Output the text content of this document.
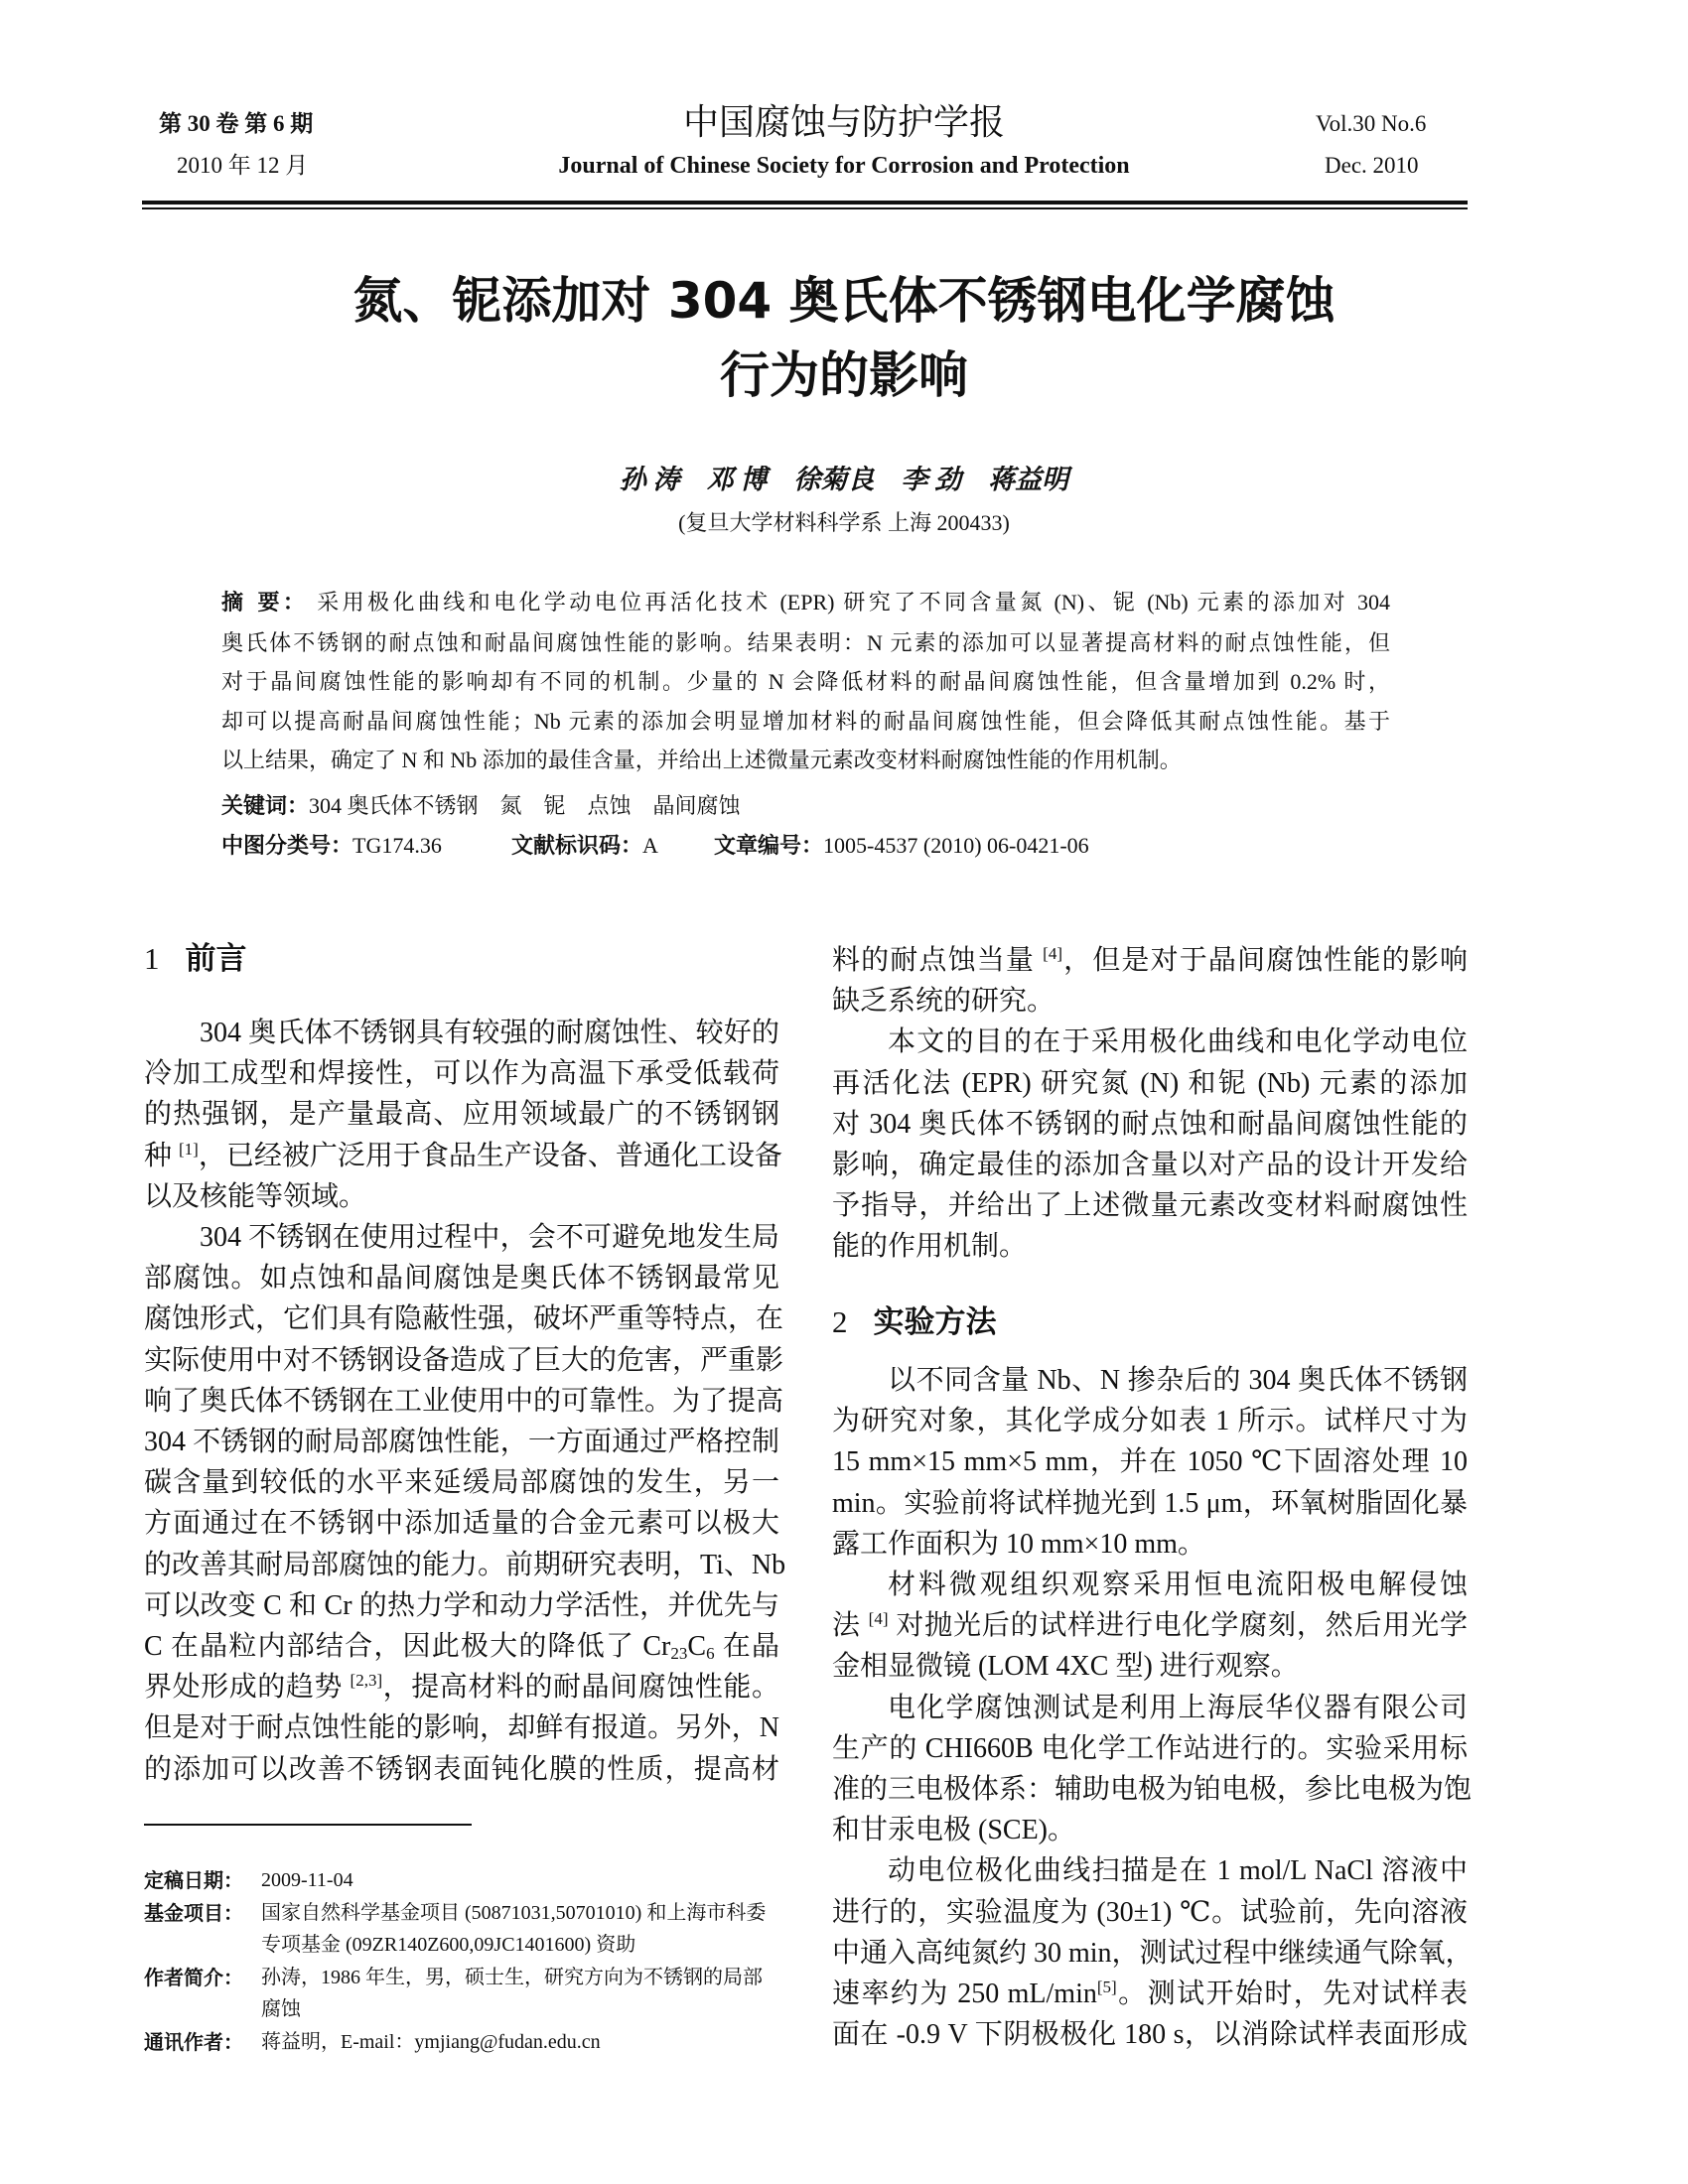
第 30 卷 第 6 期
2010 年 12 月
中国腐蚀与防护学报
Journal of Chinese Society for Corrosion and Protection
Vol.30 No.6
Dec. 2010
氮、铌添加对 304 奥氏体不锈钢电化学腐蚀
行为的影响
孙 涛    邓 博    徐菊良    李 劲    蒋益明
(复旦大学材料科学系 上海 200433)
摘 要： 采用极化曲线和电化学动电位再活化技术 (EPR) 研究了不同含量氮 (N)、铌 (Nb) 元素的添加对 304
奥氏体不锈钢的耐点蚀和耐晶间腐蚀性能的影响。结果表明：N 元素的添加可以显著提高材料的耐点蚀性能，但
对于晶间腐蚀性能的影响却有不同的机制。少量的 N 会降低材料的耐晶间腐蚀性能，但含量增加到 0.2% 时，
却可以提高耐晶间腐蚀性能；Nb 元素的添加会明显增加材料的耐晶间腐蚀性能，但会降低其耐点蚀性能。基于
以上结果，确定了 N 和 Nb 添加的最佳含量，并给出上述微量元素改变材料耐腐蚀性能的作用机制。
关键词：304 奥氏体不锈钢    氮    铌    点蚀    晶间腐蚀
中图分类号：TG174.36	文献标识码：A	文章编号：1005-4537 (2010) 06-0421-06
1 前言
304 奥氏体不锈钢具有较强的耐腐蚀性、较好的
冷加工成型和焊接性，可以作为高温下承受低载荷
的热强钢，是产量最高、应用领域最广的不锈钢钢
种 [1]，已经被广泛用于食品生产设备、普通化工设备
以及核能等领域。
304 不锈钢在使用过程中，会不可避免地发生局
部腐蚀。如点蚀和晶间腐蚀是奥氏体不锈钢最常见
腐蚀形式，它们具有隐蔽性强，破坏严重等特点，在
实际使用中对不锈钢设备造成了巨大的危害，严重影
响了奥氏体不锈钢在工业使用中的可靠性。为了提高
304 不锈钢的耐局部腐蚀性能，一方面通过严格控制
碳含量到较低的水平来延缓局部腐蚀的发生，另一
方面通过在不锈钢中添加适量的合金元素可以极大
的改善其耐局部腐蚀的能力。前期研究表明，Ti、Nb
可以改变 C 和 Cr 的热力学和动力学活性，并优先与
C 在晶粒内部结合，因此极大的降低了 $Cr_{23}C_6$ 在晶
界处形成的趋势 [2,3]，提高材料的耐晶间腐蚀性能。
但是对于耐点蚀性能的影响，却鲜有报道。另外，N
的添加可以改善不锈钢表面钝化膜的性质，提高材
定稿日期： 2009-11-04
基金项目： 国家自然科学基金项目 (50871031,50701010) 和上海市科委专项基金 (09ZR140Z600,09JC1401600) 资助
作者简介： 孙涛，1986 年生，男，硕士生，研究方向为不锈钢的局部腐蚀
通讯作者： 蒋益明，E-mail：ymjiang@fudan.edu.cn
料的耐点蚀当量 [4]，但是对于晶间腐蚀性能的影响
缺乏系统的研究。
本文的目的在于采用极化曲线和电化学动电位
再活化法 (EPR) 研究氮 (N) 和铌 (Nb) 元素的添加
对 304 奥氏体不锈钢的耐点蚀和耐晶间腐蚀性能的
影响，确定最佳的添加含量以对产品的设计开发给
予指导，并给出了上述微量元素改变材料耐腐蚀性
能的作用机制。
2 实验方法
以不同含量 Nb、N 掺杂后的 304 奥氏体不锈钢
为研究对象，其化学成分如表 1 所示。试样尺寸为
15 mm×15 mm×5 mm，并在 1050 ℃下固溶处理 10
min。实验前将试样抛光到 1.5 μm，环氧树脂固化暴
露工作面积为 10 mm×10 mm。
材料微观组织观察采用恒电流阳极电解侵蚀
法 [4] 对抛光后的试样进行电化学腐刻，然后用光学
金相显微镜 (LOM 4XC 型) 进行观察。
电化学腐蚀测试是利用上海辰华仪器有限公司
生产的 CHI660B 电化学工作站进行的。实验采用标
准的三电极体系：辅助电极为铂电极，参比电极为饱
和甘汞电极 (SCE)。
动电位极化曲线扫描是在 1 mol/L NaCl 溶液中
进行的，实验温度为 (30±1) ℃。试验前，先向溶液
中通入高纯氮约 30 min，测试过程中继续通气除氧，
速率约为 250 mL/min[5]。测试开始时，先对试样表
面在 -0.9 V 下阴极极化 180 s，以消除试样表面形成
